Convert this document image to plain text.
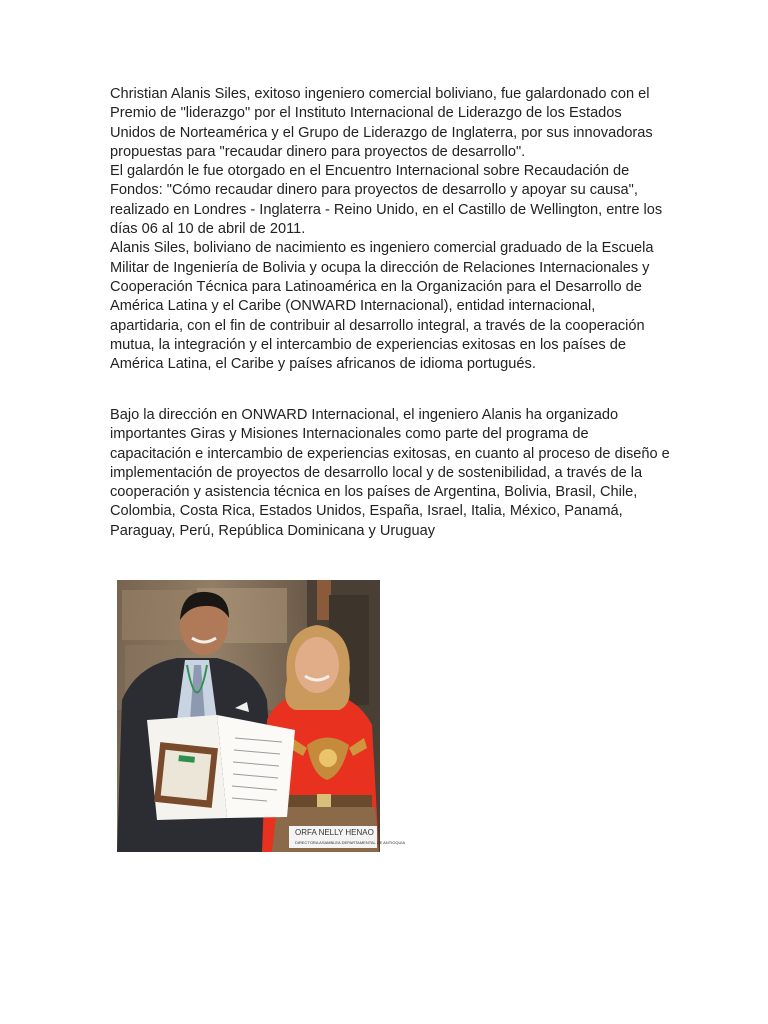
Christian Alanis Siles, exitoso ingeniero comercial boliviano, fue galardonado con el Premio de "liderazgo" por el Instituto Internacional de Liderazgo de los Estados Unidos de Norteamérica y el Grupo de Liderazgo de Inglaterra, por sus innovadoras propuestas para "recaudar dinero para proyectos de desarrollo".

El galardón le fue otorgado en el Encuentro Internacional sobre Recaudación de Fondos: "Cómo recaudar dinero para proyectos de desarrollo y apoyar su causa", realizado en Londres - Inglaterra - Reino Unido, en el Castillo de Wellington, entre los días 06 al 10 de abril de 2011.

Alanis Siles, boliviano de nacimiento es ingeniero comercial graduado de la Escuela Militar de Ingeniería de Bolivia y ocupa la dirección de Relaciones Internacionales y Cooperación Técnica para Latinoamérica en la Organización para el Desarrollo de América Latina y el Caribe (ONWARD Internacional), entidad internacional, apartidaria, con el fin de contribuir al desarrollo integral, a través de la cooperación mutua, la integración y el intercambio de experiencias exitosas en los países de América Latina, el Caribe y países africanos de idioma portugués.

Bajo la dirección en ONWARD Internacional, el ingeniero Alanis ha organizado importantes Giras y Misiones Internacionales como parte del programa de capacitación e intercambio de experiencias exitosas, en cuanto al proceso de diseño e implementación de proyectos de desarrollo local y de sostenibilidad, a través de la cooperación y asistencia técnica en los países de Argentina, Bolivia, Brasil, Chile, Colombia, Costa Rica, Estados Unidos, España, Israel, Italia, México, Panamá, Paraguay, Perú, República Dominicana y Uruguay

ORFA NELLY HENAO
DIRECTORA ASAMBLEA DEPARTAMENTAL DE ANTIOQUIA
